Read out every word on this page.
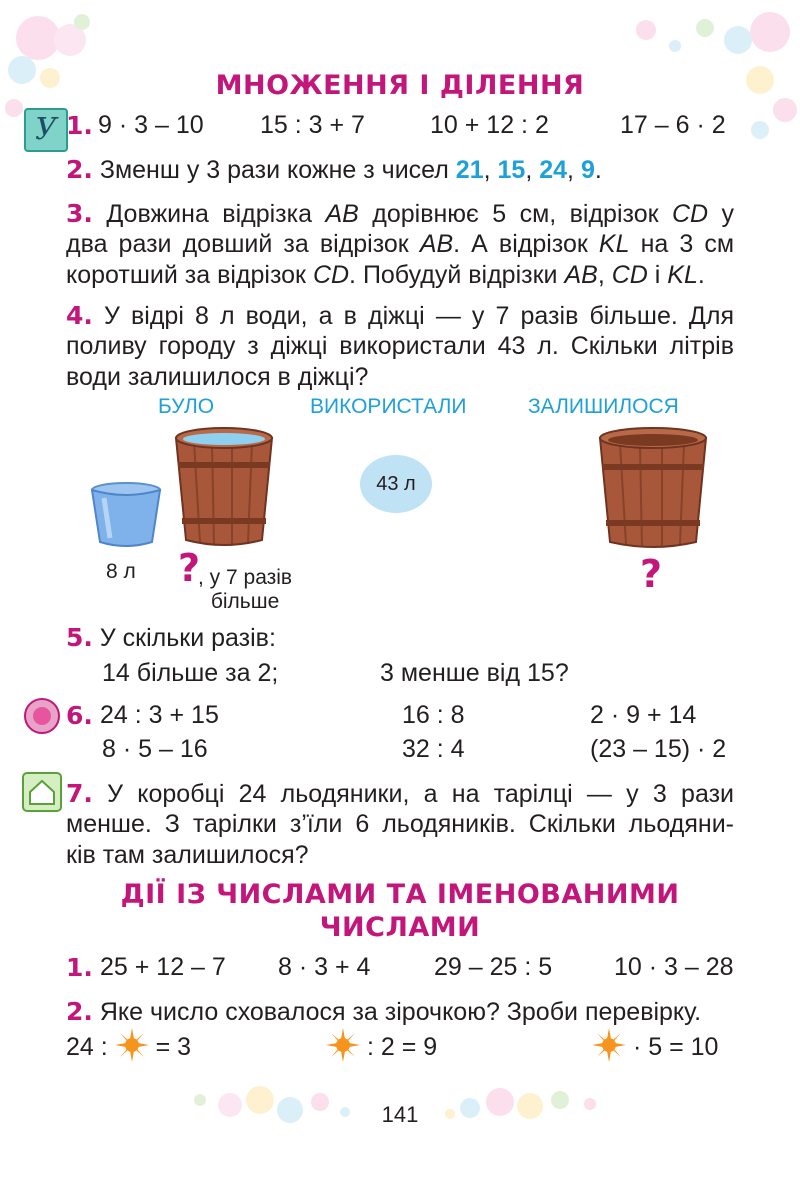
МНОЖЕННЯ І ДІЛЕННЯ
У 1. 9 · 3 – 10 15 : 3 + 7	10 + 12 : 2	17 – 6 · 2
2. Зменш у 3 рази кожне з чисел 21, 15, 24, 9.
3. Довжина відрізка AB дорівнює 5 см, відрізок CD у
два рази довший за відрізок AB. А відрізок KL на 3 см
коротший за відрізок CD. Побудуй відрізки AB, CD і KL.
4. У відрі 8 л води, а в діжці — у 7 разів більше. Для
поливу городу з діжці використали 43 л. Скільки літрів
води залишилося в діжці?
БУЛО	ВИКОРИСТАЛИ	ЗАЛИШИЛОСЯ
8 л ?
, у 7 разів
більше
43 л
?
5. У скільки разів:
14 більше за 2;	3 менше від 15?
6. 24 : 3 + 15	16 : 8	2 · 9 + 14
8 · 5 – 16	32 : 4	(23 – 15) · 2
7. У коробці 24 льодяники, а на тарілці — у 3 рази
менше. З тарілки з’їли 6 льодяників. Скільки льодяни-
ків там залишилося?
ДІЇ ІЗ ЧИСЛАМИ ТА ІМЕНОВАНИМИ
ЧИСЛАМИ
1. 25 + 12 – 7 8 · 3 + 4	29 – 25 : 5 10 · 3 – 28
2. Яке число сховалося за зірочкою? Зроби перевірку.
24 : = 3	: 2 = 9	· 5 = 10
141
